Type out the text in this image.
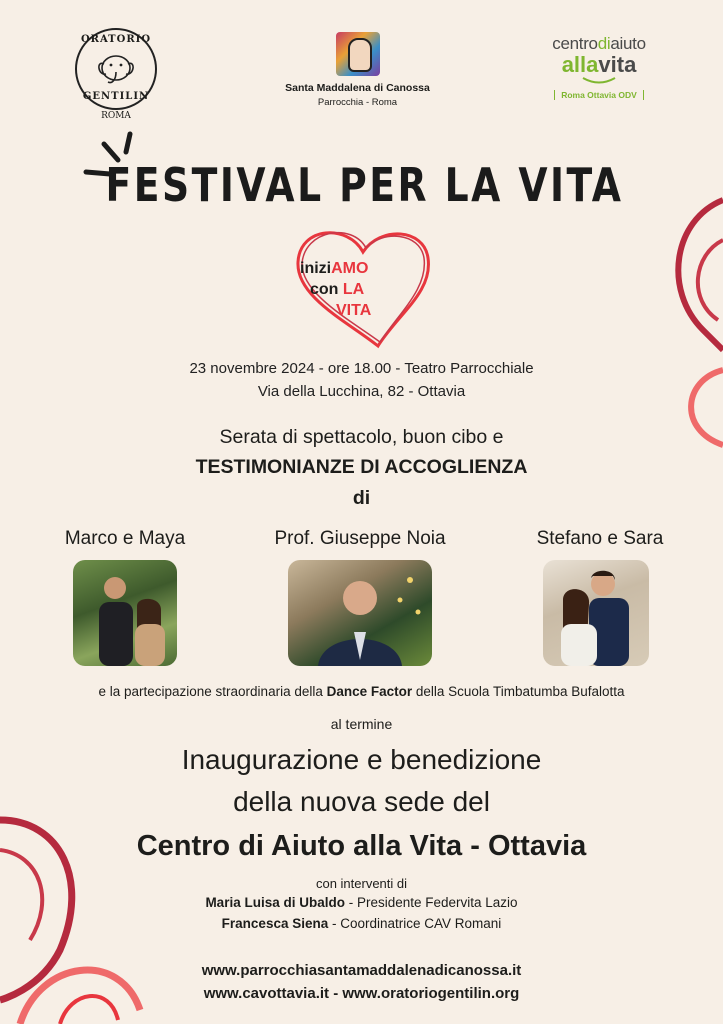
ORATORIO
GENTILIN
ROMA
Santa Maddalena di Canossa
Parrocchia - Roma
centrodiaiuto
allavita
Roma Ottavia ODV
FESTIVAL PER LA VITA
iniziAMO
con LA
VITA
23 novembre 2024 - ore 18.00 - Teatro Parrocchiale
Via della Lucchina, 82 - Ottavia
Serata di spettacolo, buon cibo e
TESTIMONIANZE DI ACCOGLIENZA
di
Marco e Maya	Prof. Giuseppe Noia	Stefano e Sara
e la partecipazione straordinaria della Dance Factor della Scuola Timbatumba Bufalotta
al termine
Inaugurazione e benedizione
della nuova sede del
Centro di Aiuto alla Vita - Ottavia
con interventi di
Maria Luisa di Ubaldo - Presidente Federvita Lazio
Francesca Siena - Coordinatrice CAV Romani
www.parrocchiasantamaddalenadicanossa.it
www.cavottavia.it - www.oratoriogentilin.org
